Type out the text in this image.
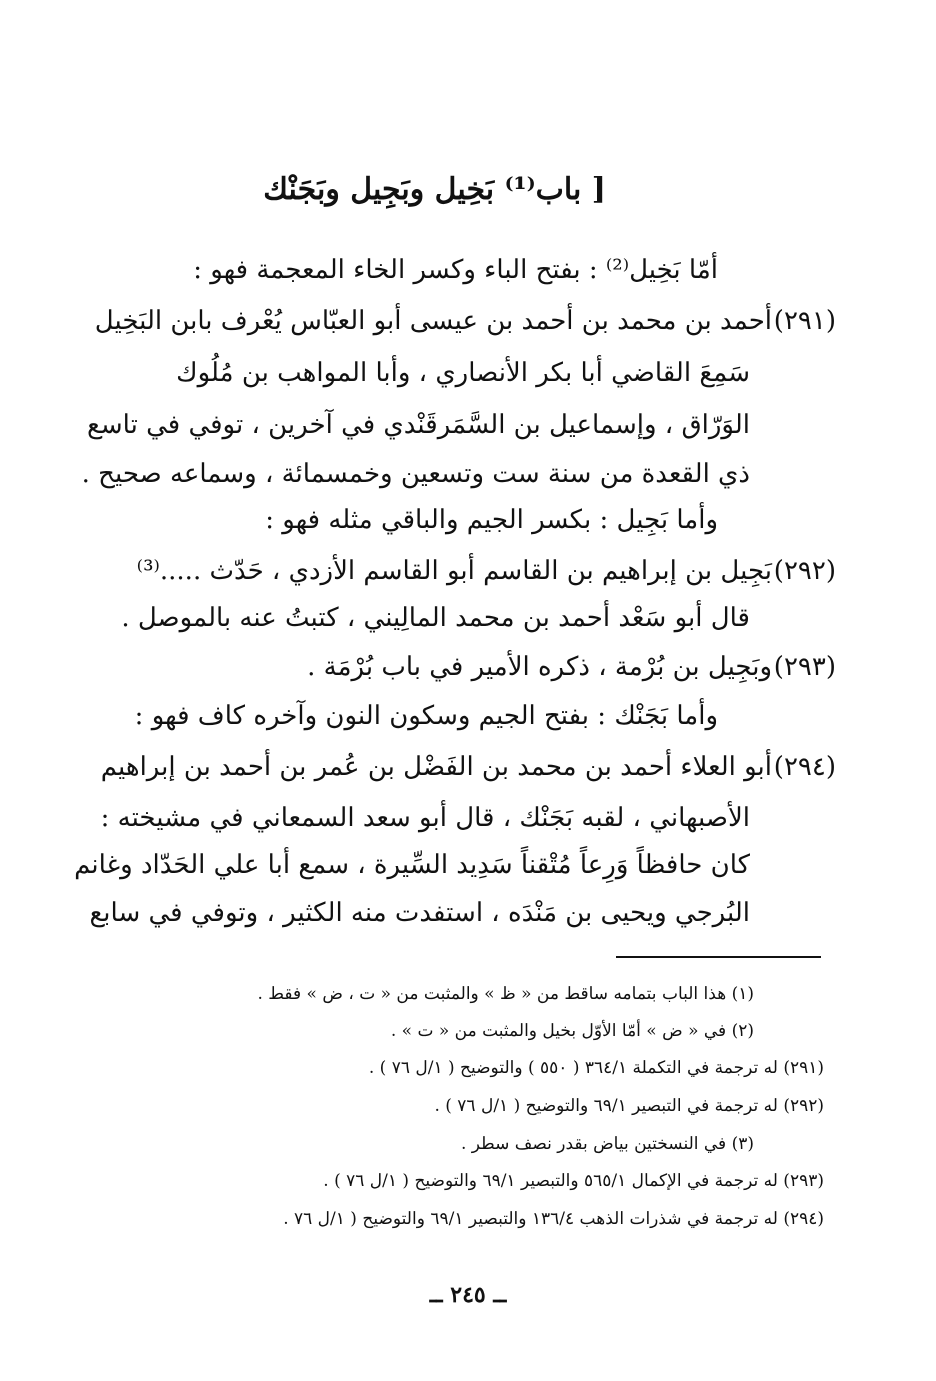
[ باب⁽¹⁾ بَخِيل وبَجِيل وبَجَنْك
أمّا بَخِيل⁽²⁾ : بفتح الباء وكسر الخاء المعجمة فهو :
(٢٩١)أحمد بن محمد بن أحمد بن عيسى أبو العبّاس يُعْرف بابن البَخِيل
سَمِعَ القاضي أبا بكر الأنصاري ، وأبا المواهب بن مُلُوك
الوَرّاق ، وإسماعيل بن السَّمَرقَنْدي في آخرين ، توفي في تاسع
ذي القعدة من سنة ست وتسعين وخمسمائة ، وسماعه صحيح .
وأما بَجِيل : بكسر الجيم والباقي مثله فهو :
(٢٩٢)بَجِيل بن إبراهيم بن القاسم أبو القاسم الأزدي ، حَدّث .....⁽³⁾
قال أبو سَعْد أحمد بن محمد المالِيني ، كتبتُ عنه بالموصل .
(٢٩٣)وبَجِيل بن بُرْمة ، ذكره الأمير في باب بُرْمَة .
وأما بَجَنْك : بفتح الجيم وسكون النون وآخره كاف فهو :
(٢٩٤)أبو العلاء أحمد بن محمد بن الفَضْل بن عُمر بن أحمد بن إبراهيم
الأصبهاني ، لقبه بَجَنْك ، قال أبو سعد السمعاني في مشيخته :
كان حافظاً وَرِعاً مُتْقناً سَدِيد السِّيرة ، سمع أبا علي الحَدّاد وغانم
البُرجي ويحيى بن مَنْدَه ، استفدت منه الكثير ، وتوفي في سابع
(١) هذا الباب بتمامه ساقط من « ظ » والمثبت من « ت ، ض » فقط .
(٢) في « ض » أمّا الأوّل بخيل والمثبت من « ت » .
(٢٩١) له ترجمة في التكملة ٣٦٤/١ ( ٥٥٠ ) والتوضيح ( ١/ل ٧٦ ) .
(٢٩٢) له ترجمة في التبصير ٦٩/١ والتوضيح ( ١/ل ٧٦ ) .
(٣) في النسختين بياض بقدر نصف سطر .
(٢٩٣) له ترجمة في الإكمال ٥٦٥/١ والتبصير ٦٩/١ والتوضيح ( ١/ل ٧٦ ) .
(٢٩٤) له ترجمة في شذرات الذهب ١٣٦/٤ والتبصير ٦٩/١ والتوضيح ( ١/ل ٧٦ .
ــ ٢٤٥ ــ
